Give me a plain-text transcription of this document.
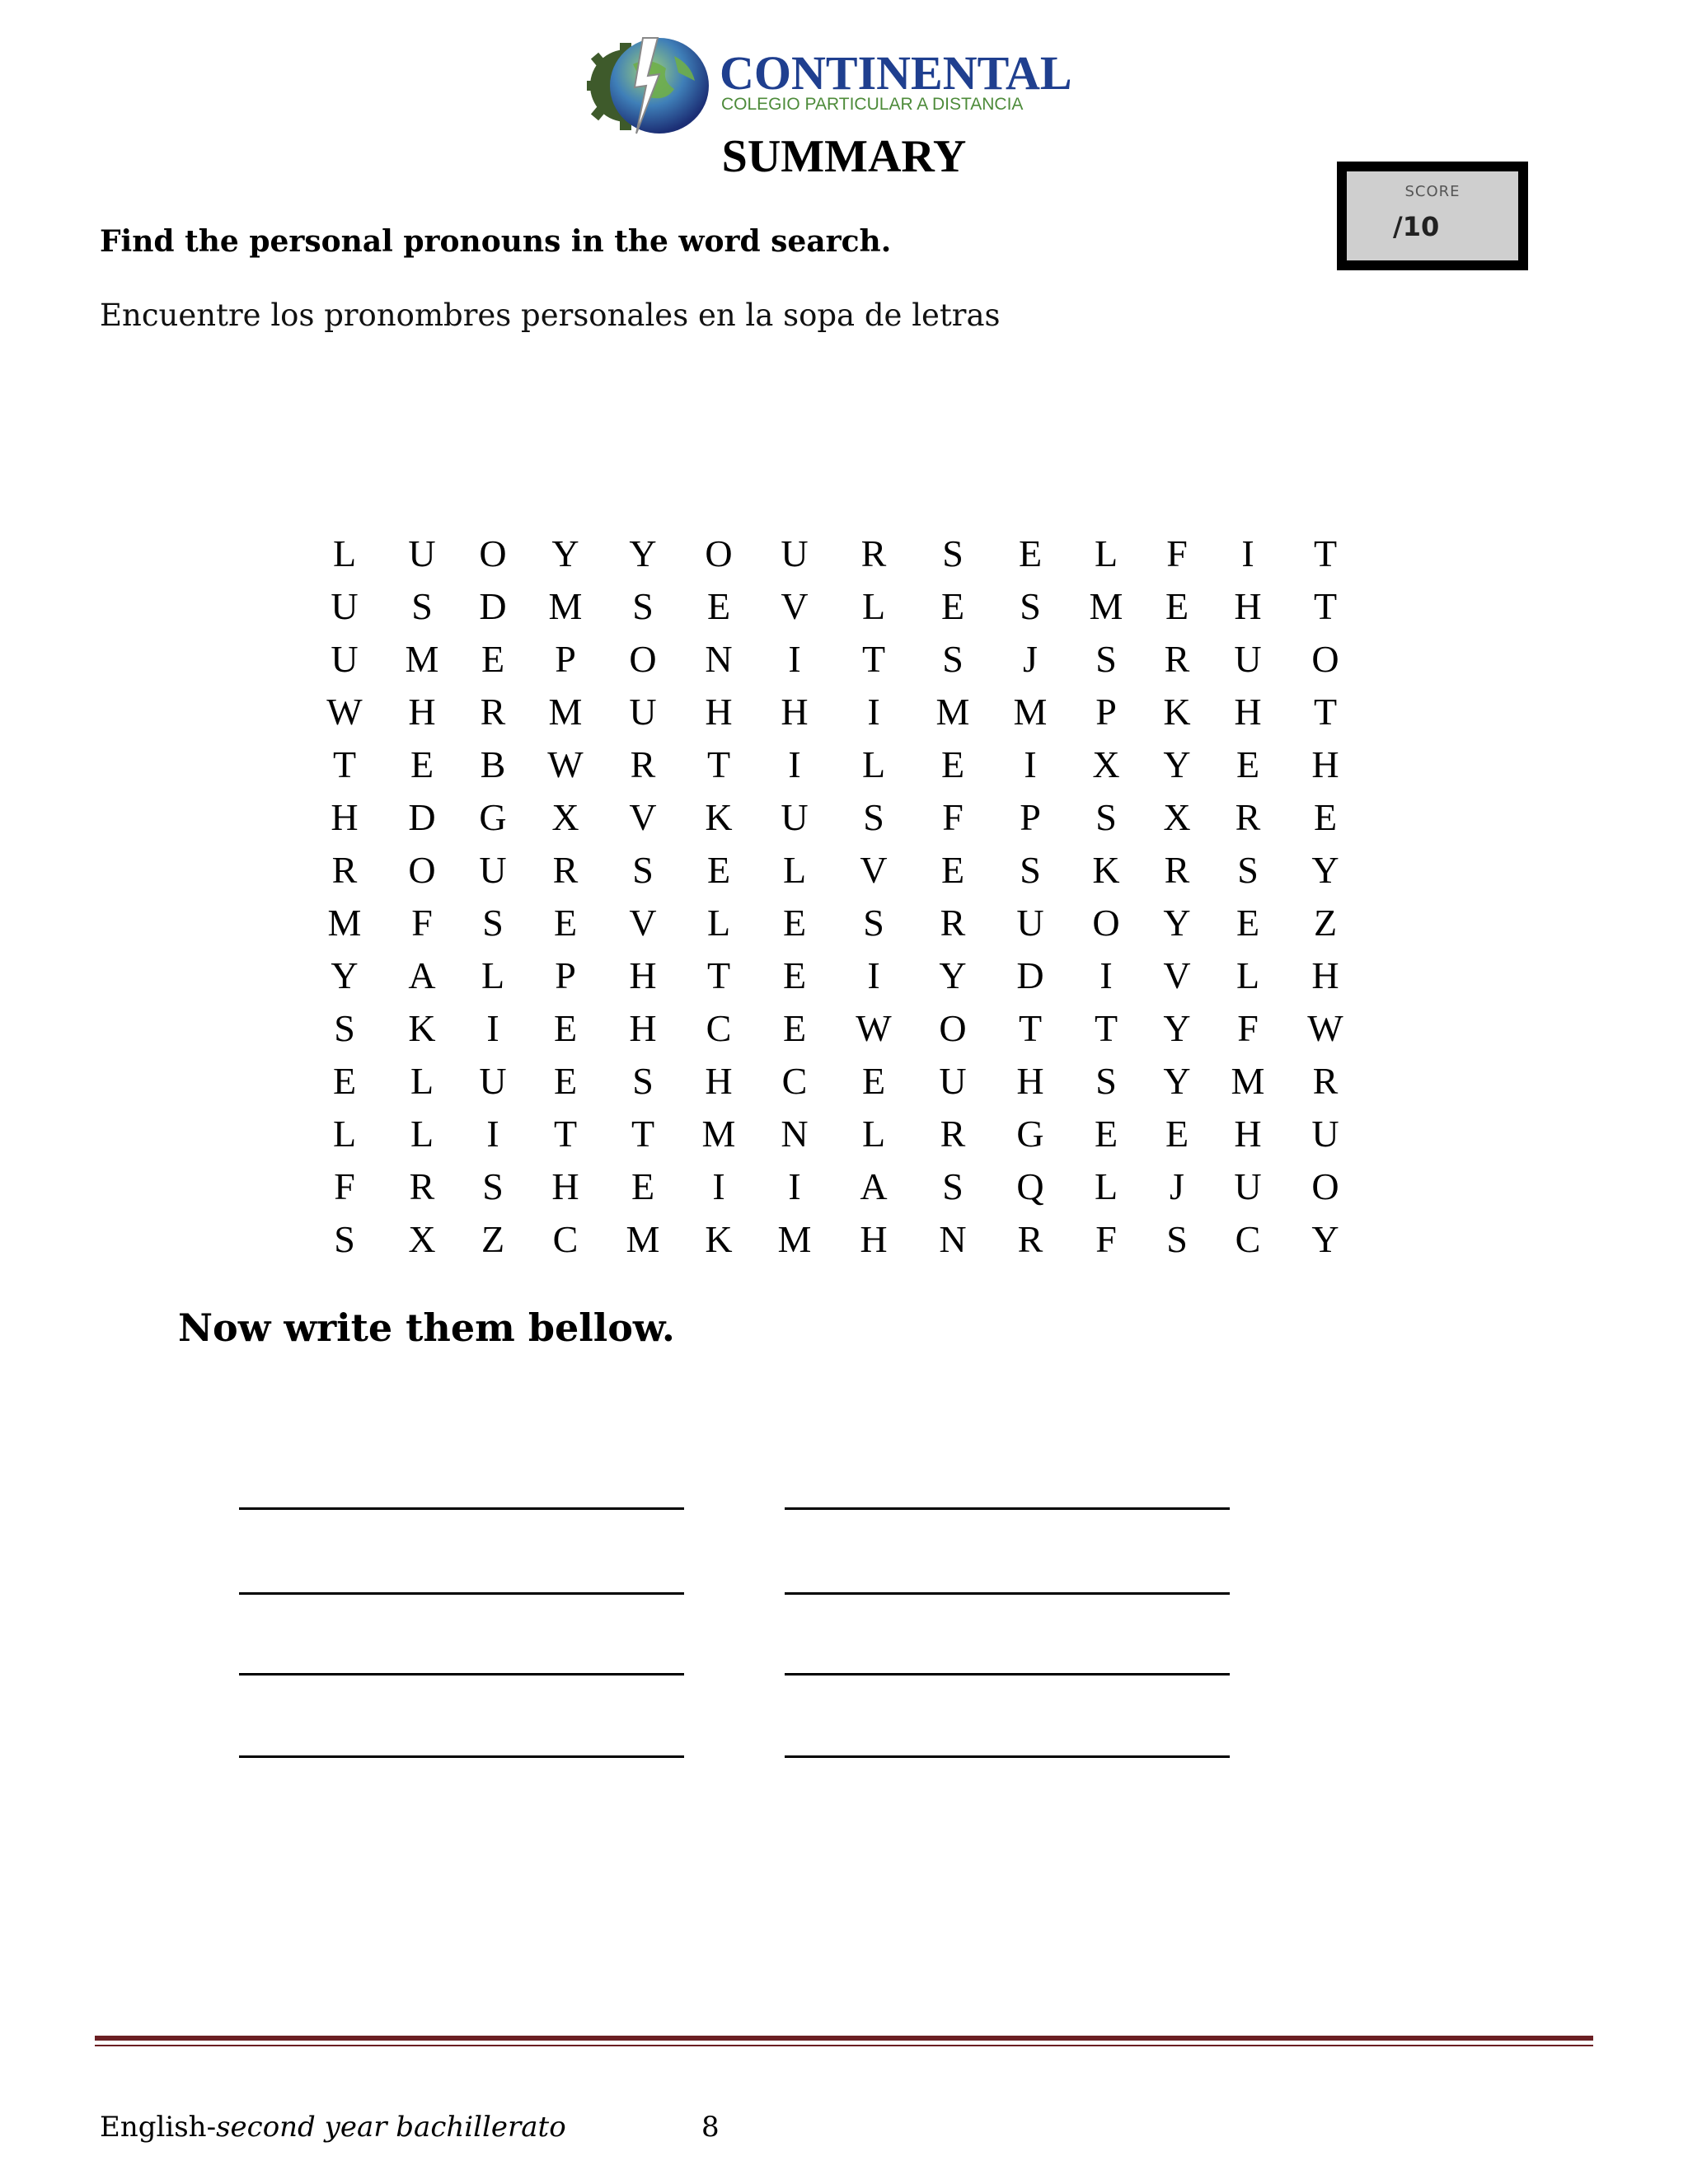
CONTINENTAL
COLEGIO PARTICULAR A DISTANCIA
SUMMARY
SCORE
/10
Find the personal pronouns in the word search.
Encuentre los pronombres personales en la sopa de letras
L	U O Y Y O U	R	S	E	L	F	I	T
U	S	D M	S	E	V	L	E	S	M	E	H	T
U M	E	P	O N	I	T	S	J	S	R	U O
W H	R	M U H H	I	M M	P	K H	T
T	E	B	W	R	T	I	L	E	I	X Y	E	H
H D G X V K U	S	F	P	S	X	R	E
R	O U	R	S	E	L	V	E	S	K	R	S	Y
M	F	S	E	V	L	E	S	R	U O Y	E	Z
Y A	L	P	H	T	E	I	Y D	I	V	L	H
S	K	I	E	H	C	E	W O	T	T	Y	F	W
E	L	U	E	S	H	C	E	U H	S	Y M	R
L	L	I	T	T	M N	L	R	G	E	E	H U
F	R	S	H	E	I	I	A	S	Q	L	J	U O
S	X	Z	C	M K M H N	R	F	S	C	Y
Now write them bellow.
English-second year bachillerato	8
